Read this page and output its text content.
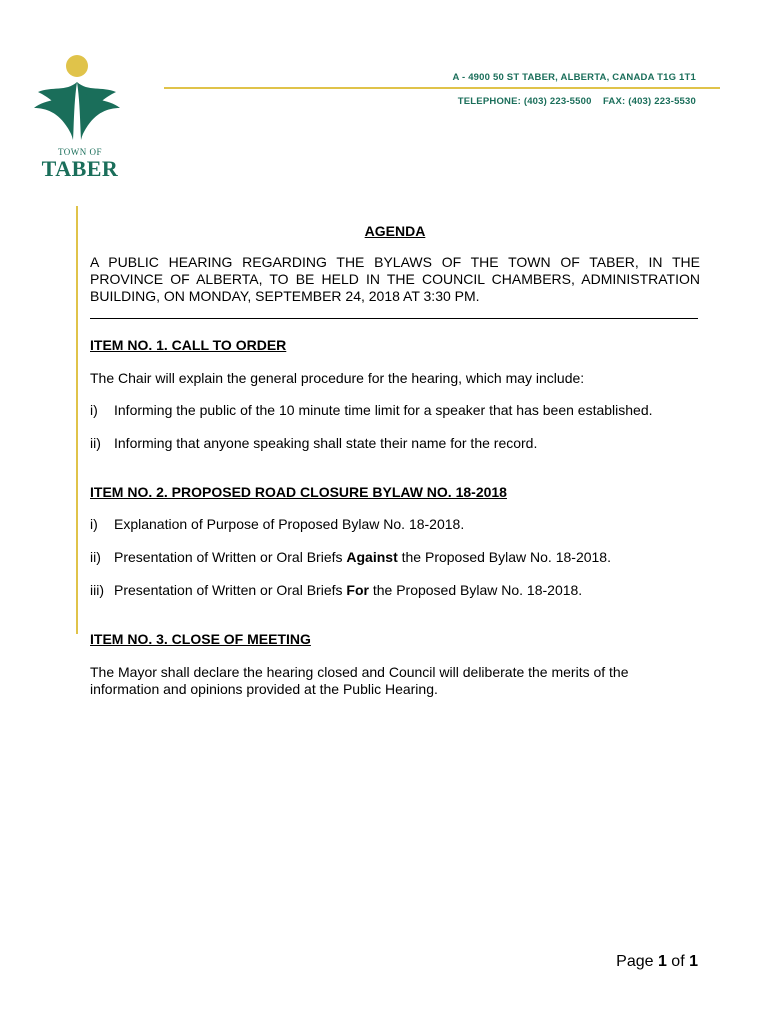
TOWN OF
TABER
A - 4900 50 ST TABER, ALBERTA, CANADA T1G 1T1
TELEPHONE: (403) 223-5500    FAX: (403) 223-5530
AGENDA
A PUBLIC HEARING REGARDING THE BYLAWS OF THE TOWN OF TABER, IN THE PROVINCE OF ALBERTA, TO BE HELD IN THE COUNCIL CHAMBERS, ADMINISTRATION BUILDING, ON MONDAY, SEPTEMBER 24, 2018 AT 3:30 PM.
ITEM NO. 1. CALL TO ORDER
The Chair will explain the general procedure for the hearing, which may include:
i)	Informing the public of the 10 minute time limit for a speaker that has been established.
ii) Informing that anyone speaking shall state their name for the record.
ITEM NO. 2. PROPOSED ROAD CLOSURE BYLAW NO. 18-2018
i)	Explanation of Purpose of Proposed Bylaw No. 18-2018.
ii) Presentation of Written or Oral Briefs Against the Proposed Bylaw No. 18-2018.
iii) Presentation of Written or Oral Briefs For the Proposed Bylaw No. 18-2018.
ITEM NO. 3. CLOSE OF MEETING
The Mayor shall declare the hearing closed and Council will deliberate the merits of the information and opinions provided at the Public Hearing.
Page 1 of 1
